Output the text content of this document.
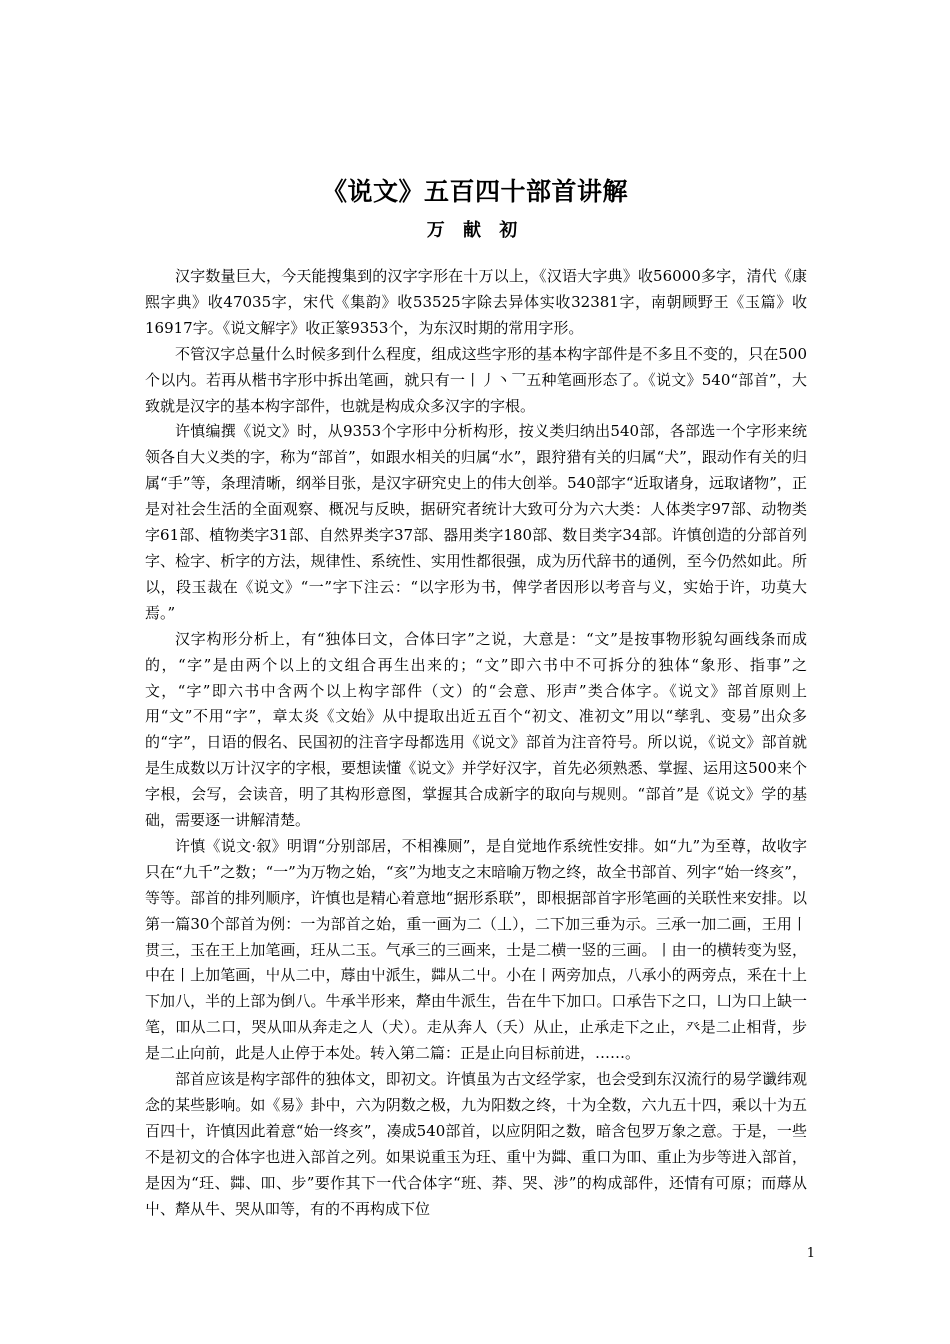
《说文》五百四十部首讲解
万 献 初

汉字数量巨大，今天能搜集到的汉字字形在十万以上，《汉语大字典》收56000多字，清代《康熙字典》收47035字，宋代《集韵》收53525字除去异体实收32381字，南朝顾野王《玉篇》收16917字。《说文解字》收正篆9353个，为东汉时期的常用字形。

不管汉字总量什么时候多到什么程度，组成这些字形的基本构字部件是不多且不变的，只在500个以内。若再从楷书字形中拆出笔画，就只有一丨丿丶乛五种笔画形态了。《说文》540“部首”，大致就是汉字的基本构字部件，也就是构成众多汉字的字根。

许慎编撰《说文》时，从9353个字形中分析构形，按义类归纳出540部，各部选一个字形来统领各自大义类的字，称为“部首”，如跟水相关的归属“水”，跟狩猎有关的归属“犬”，跟动作有关的归属“手”等，条理清晰，纲举目张，是汉字研究史上的伟大创举。540部字“近取诸身，远取诸物”，正是对社会生活的全面观察、概况与反映，据研究者统计大致可分为六大类：人体类字97部、动物类字61部、植物类字31部、自然界类字37部、器用类字180部、数目类字34部。许慎创造的分部首列字、检字、析字的方法，规律性、系统性、实用性都很强，成为历代辞书的通例，至今仍然如此。所以，段玉裁在《说文》“一”字下注云：“以字形为书，俾学者因形以考音与义，实始于许，功莫大焉。”

汉字构形分析上，有“独体曰文，合体曰字”之说，大意是：“文”是按事物形貌勾画线条而成的，“字”是由两个以上的文组合再生出来的；“文”即六书中不可拆分的独体“象形、指事”之文，“字”即六书中含两个以上构字部件（文）的“会意、形声”类合体字。《说文》部首原则上用“文”不用“字”，章太炎《文始》从中提取出近五百个“初文、准初文”用以“孳乳、变易”出众多的“字”，日语的假名、民国初的注音字母都选用《说文》部首为注音符号。所以说，《说文》部首就是生成数以万计汉字的字根，要想读懂《说文》并学好汉字，首先必须熟悉、掌握、运用这500来个字根，会写，会读音，明了其构形意图，掌握其合成新字的取向与规则。“部首”是《说文》学的基础，需要逐一讲解清楚。

许慎《说文·叙》明谓“分别部居，不相襍厕”，是自觉地作系统性安排。如“九”为至尊，故收字只在“九千”之数；“一”为万物之始，“亥”为地支之末暗喻万物之终，故全书部首、列字“始一终亥”，等等。部首的排列顺序，许慎也是精心着意地“据形系联”，即根据部首字形笔画的关联性来安排。以第一篇30个部首为例：一为部首之始，重一画为二（丄），二下加三垂为示。三承一加二画，王用丨贯三，玉在王上加笔画，玨从二玉。气承三的三画来，士是二横一竖的三画。丨由一的横转变为竖，中在丨上加笔画，屮从二中，蓐由屮派生，茻从二屮。小在丨两旁加点，八承小的两旁点，釆在十上下加八，半的上部为倒八。牛承半形来，犛由牛派生，告在牛下加口。口承告下之口，凵为口上缺一笔，吅从二口，哭从吅从奔走之人（犬）。走从奔人（夭）从止，止承走下之止，癶是二止相背，步是二止向前，此是人止停于本处。转入第二篇：正是止向目标前进，……。

部首应该是构字部件的独体文，即初文。许慎虽为古文经学家，也会受到东汉流行的易学谶纬观念的某些影响。如《易》卦中，六为阴数之极，九为阳数之终，十为全数，六九五十四，乘以十为五百四十，许慎因此着意“始一终亥”，凑成540部首，以应阴阳之数，暗含包罗万象之意。于是，一些不是初文的合体字也进入部首之列。如果说重玉为玨、重屮为茻、重口为吅、重止为步等进入部首，是因为“玨、茻、吅、步”要作其下一代合体字“班、莽、哭、涉”的构成部件，还情有可原；而蓐从屮、犛从牛、哭从吅等，有的不再构成下位

1
